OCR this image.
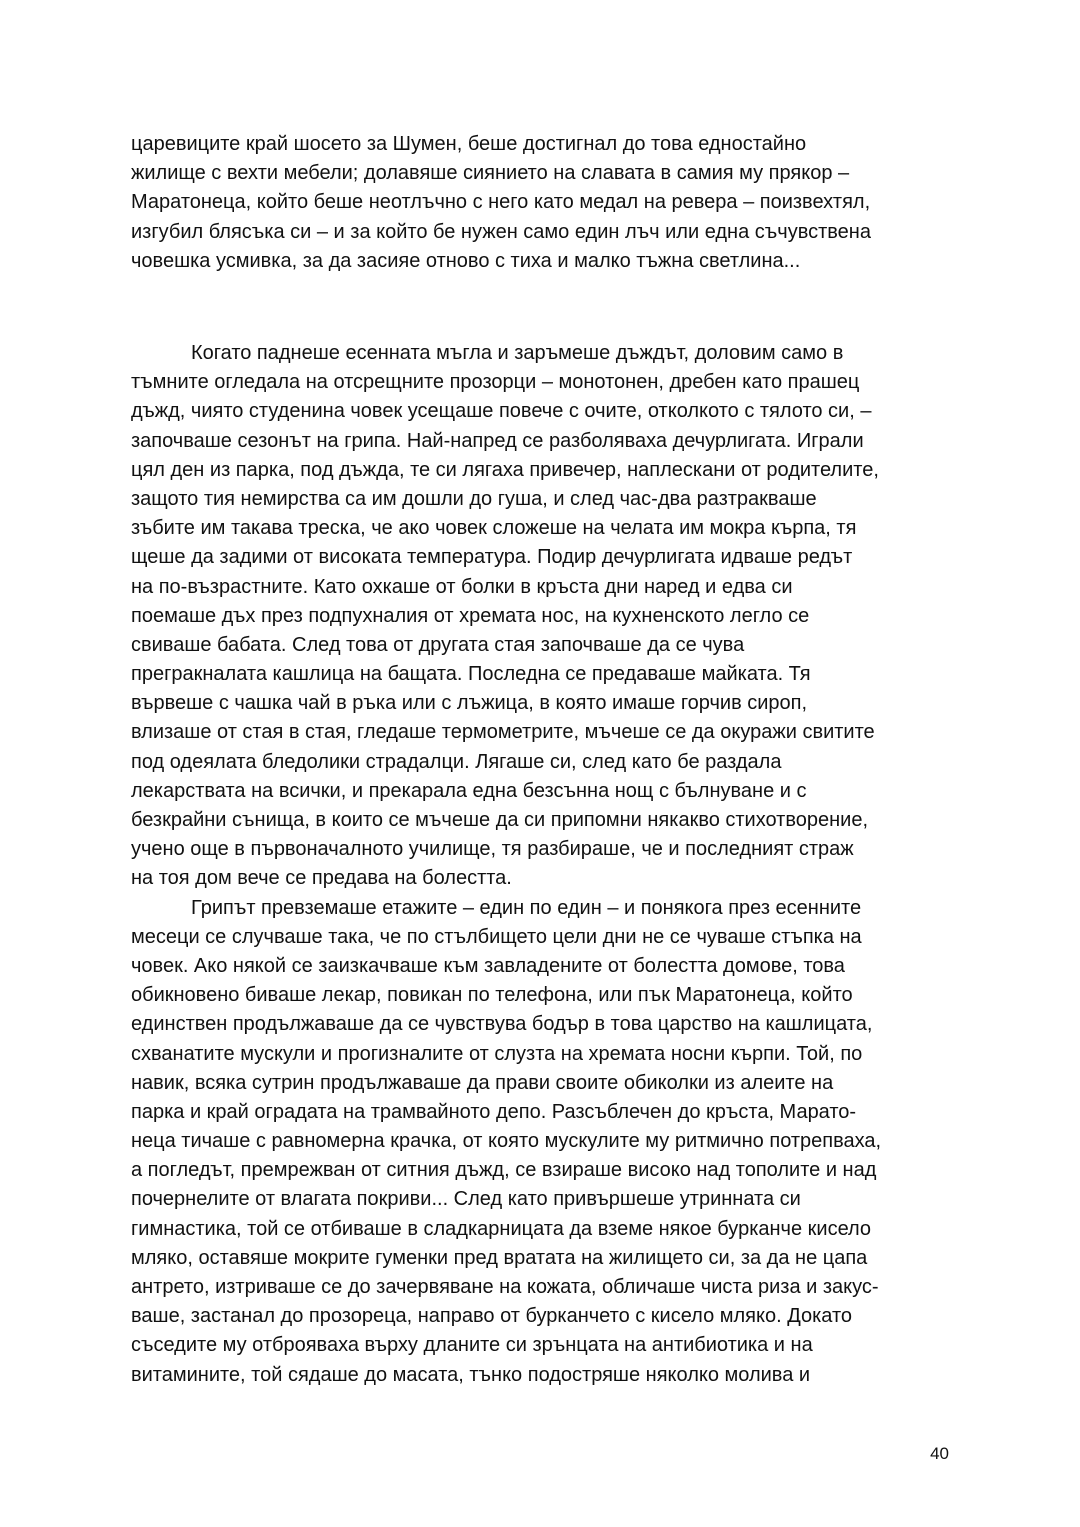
царевиците край шосето за Шумен, беше достигнал до това едностайно
жилище с вехти мебели; долавяше сиянието на славата в самия му прякор –
Маратонеца, който беше неотлъчно с него като медал на ревера – поизвехтял,
изгубил блясъка си – и за който бе нужен само един лъч или една съчувствена
човешка усмивка, за да засияе отново с тиха и малко тъжна светлина...
Когато паднеше есенната мъгла и заръмеше дъждът, доловим само в
тъмните огледала на отсрещните прозорци – монотонен, дребен като прашец
дъжд, чиято студенина човек усещаше повече с очите, отколкото с тялото си, –
започваше сезонът на грипа. Най-напред се разболяваха дечурлигата. Играли
цял ден из парка, под дъжда, те си лягаха привечер, наплескани от родителите,
защото тия немирства са им дошли до гуша, и след час-два разтракваше
зъбите им такава треска, че ако човек сложеше на челата им мокра кърпа, тя
щеше да задими от високата температура. Подир дечурлигата идваше редът
на по-възрастните. Като охкаше от болки в кръста дни наред и едва си
поемаше дъх през подпухналия от хремата нос, на кухненското легло се
свиваше бабата. След това от другата стая започваше да се чува
прегракналата кашлица на бащата. Последна се предаваше майката. Тя
вървеше с чашка чай в ръка или с лъжица, в която имаше горчив сироп,
влизаше от стая в стая, гледаше термометрите, мъчеше се да окуражи свитите
под одеялата бледолики страдалци. Лягаше си, след като бе раздала
лекарствата на всички, и прекарала една безсънна нощ с бълнуване и с
безкрайни сънища, в които се мъчеше да си припомни някакво стихотворение,
учено още в първоначалното училище, тя разбираше, че и последният страж
на тоя дом вече се предава на болестта.
Грипът превземаше етажите – един по един – и понякога през есенните
месеци се случваше така, че по стълбището цели дни не се чуваше стъпка на
човек. Ако някой се заизкачваше към завладените от болестта домове, това
обикновено биваше лекар, повикан по телефона, или пък Маратонеца, който
единствен продължаваше да се чувствува бодър в това царство на кашлицата,
схванатите мускули и прогизналите от слузта на хремата носни кърпи. Той, по
навик, всяка сутрин продължаваше да прави своите обиколки из алеите на
парка и край оградата на трамвайното депо. Разсъблечен до кръста, Марато-
нецa тичаше с равномерна крачка, от която мускулите му ритмично потрепваха,
а погледът, премрежван от ситния дъжд, се взираше високо над тополите и над
почернелите от влагата покриви... След като привършеше утринната си
гимнастика, той се отбиваше в сладкарницата да вземе някое бурканче кисело
мляко, оставяше мокрите гуменки пред вратата на жилището си, за да не цапа
антрето, изтриваше се до зачервяване на кожата, обличаше чиста риза и закус-
ваше, застанал до прозореца, направо от бурканчето с кисело мляко. Докато
съседите му отброяваха върху дланите си зрънцата на антибиотика и на
витамините, той сядаше до масата, тънко подостряше няколко молива и
40
